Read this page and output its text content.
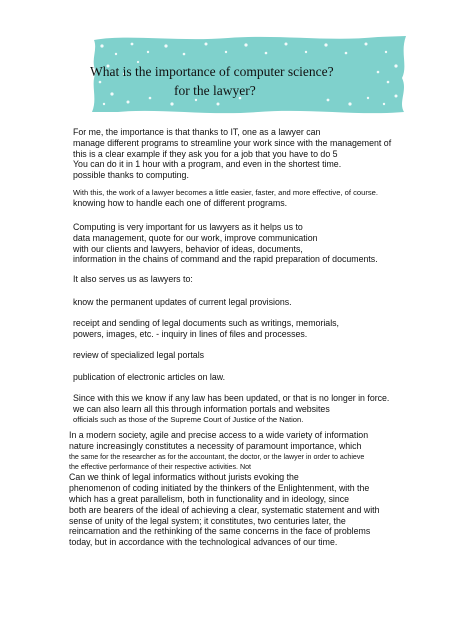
What is the importance of computer science?
for the lawyer?
For me, the importance is that thanks to IT, one as a lawyer can
manage different programs to streamline your work since with the management of
this is a clear example if they ask you for a job that you have to do 5
You can do it in 1 hour with a program, and even in the shortest time.
possible thanks to computing.
With this, the work of a lawyer becomes a little easier, faster, and more effective, of course.
knowing how to handle each one of different programs.
Computing is very important for us lawyers as it helps us to
data management, quote for our work, improve communication
with our clients and lawyers, behavior of ideas, documents,
information in the chains of command and the rapid preparation of documents.
It also serves us as lawyers to:
know the permanent updates of current legal provisions.
receipt and sending of legal documents such as writings, memorials,
powers, images, etc. - inquiry in lines of files and processes.
review of specialized legal portals
publication of electronic articles on law.
Since with this we know if any law has been updated, or that is no longer in force.
we can also learn all this through information portals and websites
officials such as those of the Supreme Court of Justice of the Nation.
In a modern society, agile and precise access to a wide variety of information
nature increasingly constitutes a necessity of paramount importance, which
the same for the researcher as for the accountant, the doctor, or the lawyer in order to achieve
the effective performance of their respective activities. Not
Can we think of legal informatics without jurists evoking the
phenomenon of coding initiated by the thinkers of the Enlightenment, with the
which has a great parallelism, both in functionality and in ideology, since
both are bearers of the ideal of achieving a clear, systematic statement and with
sense of unity of the legal system; it constitutes, two centuries later, the
reincarnation and the rethinking of the same concerns in the face of problems
today, but in accordance with the technological advances of our time.
